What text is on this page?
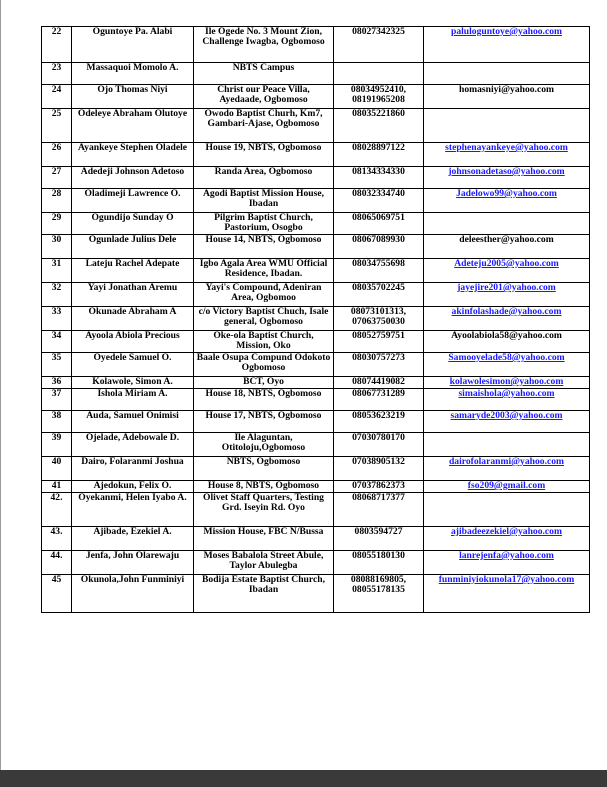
22	Oguntoye Pa. Alabi	Ile Ogede No. 3 Mount Zion, Challenge Iwagba, Ogbomoso	08027342325	paluloguntoye@yahoo.com
23	Massaquoi Momolo A.	NBTS Campus		
24	Ojo Thomas Niyi	Christ our Peace Villa, Ayedaade, Ogbomoso	08034952410, 08191965208	homasniyi@yahoo.com
25	Odeleye Abraham Olutoye	Owodo Baptist Churh, Km7, Gambari-Ajase, Ogbomoso	08035221860	
26	Ayankeye Stephen Oladele	House 19, NBTS, Ogbomoso	08028897122	stephenayankeye@yahoo.com
27	Adedeji Johnson Adetoso	Randa Area, Ogbomoso	08134334330	johnsonadetaso@yahoo.com
28	Oladimeji Lawrence O.	Agodi Baptist Mission House, Ibadan	08032334740	Jadelowo99@yahoo.com
29	Ogundijo Sunday O	Pilgrim Baptist Church, Pastorium, Osogbo	08065069751	
30	Ogunlade Julius Dele	House 14, NBTS, Ogbomoso	08067089930	deleesther@yahoo.com
31	Lateju Rachel Adepate	Igbo Agala Area WMU Official Residence, Ibadan.	08034755698	Adeteju2005@yahoo.com
32	Yayi Jonathan Aremu	Yayi's Compound, Adeniran Area, Ogbomoo	08035702245	jayejire201@yahoo.com
33	Okunade Abraham A	c/o Victory Baptist Chuch, Isale general, Ogbomoso	08073101313, 07063750030	akinfolashade@yahoo.com
34	Ayoola Abiola Precious	Oke-ola Baptist Church, Mission, Oko	08052759751	Ayoolabiola58@yahoo.com
35	Oyedele Samuel O.	Baale Osupa Compund Odokoto Ogbomoso	08030757273	Samooyelade58@yahoo.com
36	Kolawole, Simon A.	BCT, Oyo	08074419082	kolawolesimon@yahoo.com
37	Ishola Miriam A.	House 18, NBTS, Ogbomoso	08067731289	simaishola@yahoo.com
38	Auda, Samuel Onimisi	House 17, NBTS, Ogbomoso	08053623219	samaryde2003@yahoo.com
39	Ojelade, Adebowale D.	Ile Alaguntan, Otitoloju,Ogbomoso	07030780170	
40	Dairo, Folaranmi Joshua	NBTS, Ogbomoso	07038905132	dairofolaranmi@yahoo.com
41	Ajedokun, Felix O.	House 8, NBTS, Ogbomoso	07037862373	fso209@gmail.com
42.	Oyekanmi, Helen Iyabo A.	Olivet Staff Quarters, Testing Grd. Iseyin Rd. Oyo	08068717377	
43.	Ajibade, Ezekiel A.	Mission House, FBC N/Bussa	0803594727	ajibadeezekiel@yahoo.com
44.	Jenfa, John Olarewaju	Moses Babalola Street Abule, Taylor Abulegba	08055180130	lanrejenfa@yahoo.com
45	Okunola,John Funminiyi	Bodija Estate Baptist Church, Ibadan	08088169805, 08055178135	funminiyiokunola17@yahoo.com
